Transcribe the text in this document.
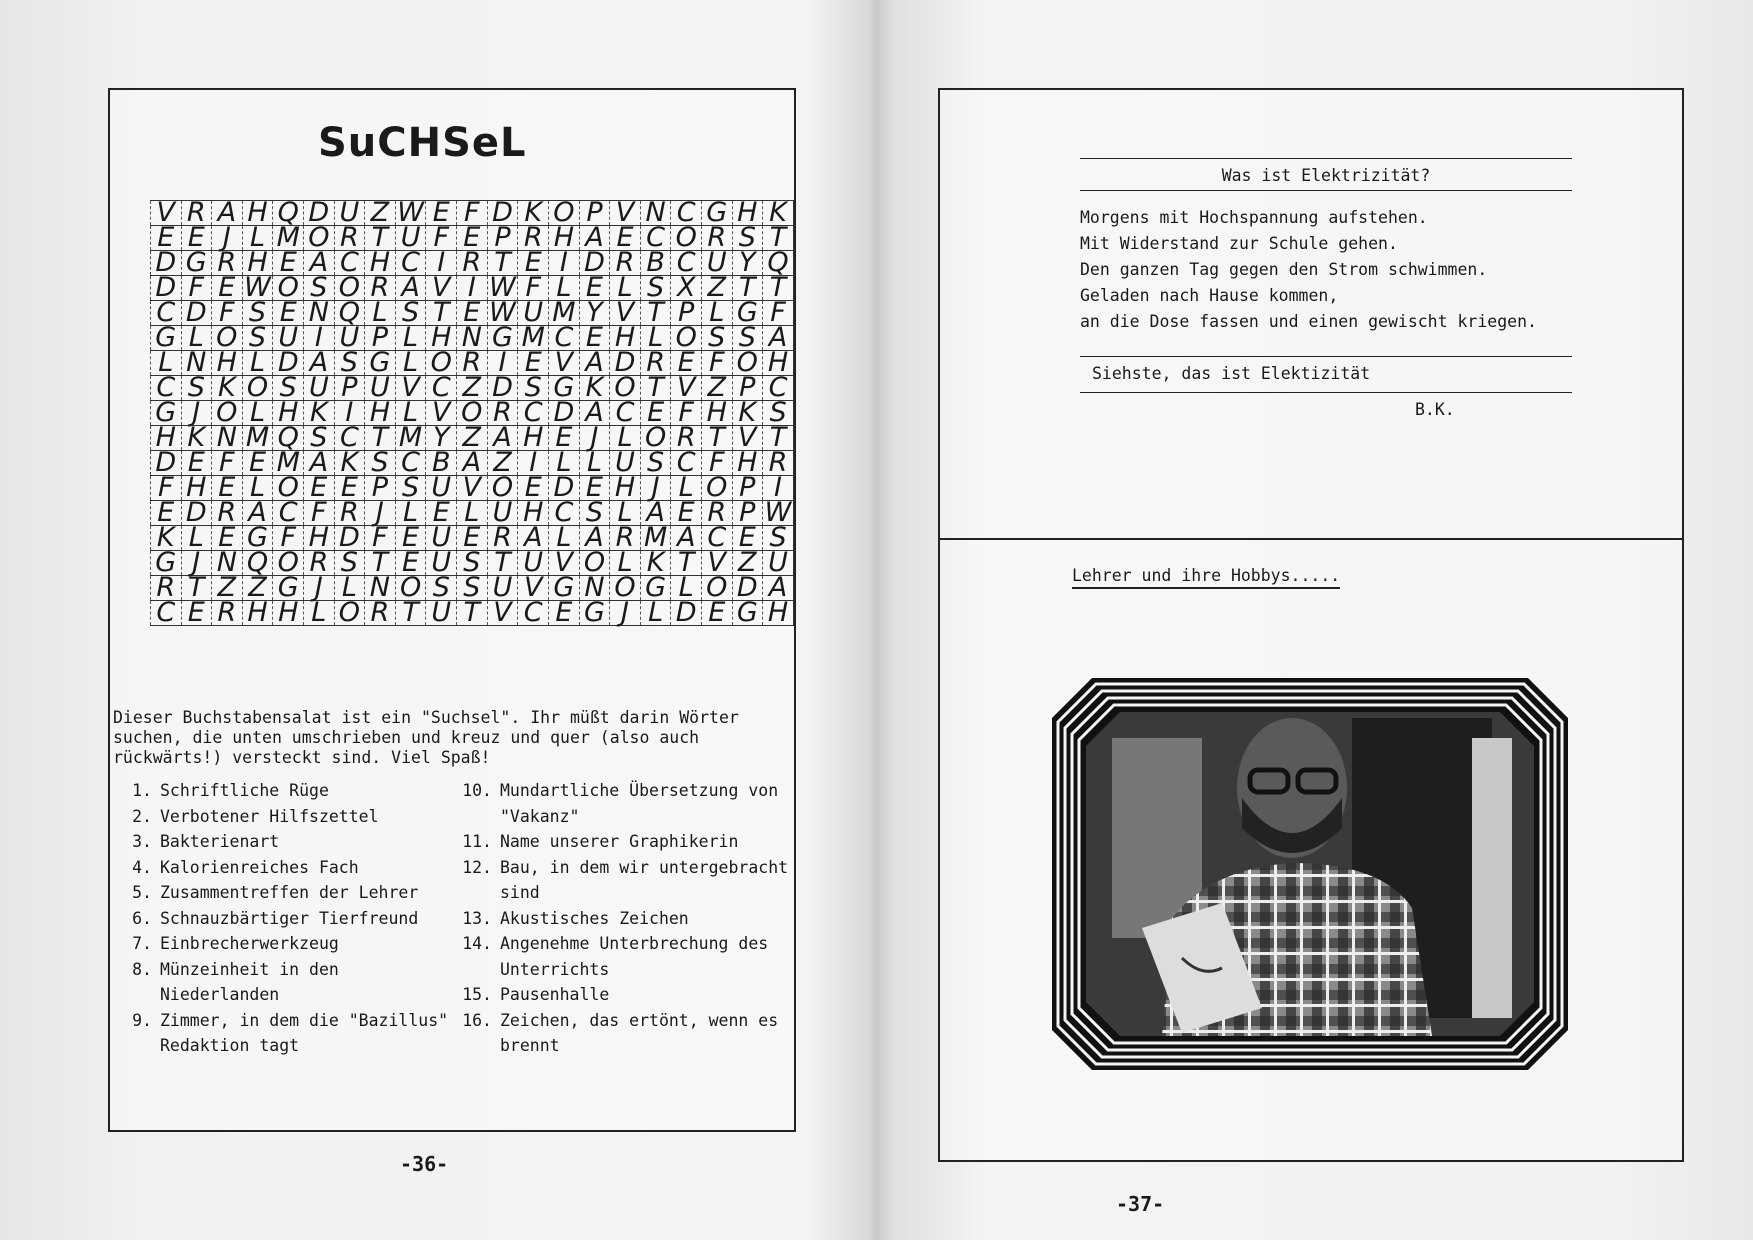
SuCHSeL
V	R	A	H	Q	D	U	Z	W	E	F	D	K	O	P	V	N	C	G	H	K
E	E	J	L	M	O	R	T	U	F	E	P	R	H	A	E	C	O	R	S	T
D	G	R	H	E	A	C	H	C	I	R	T	E	I	D	R	B	C	U	Y	Q
D	F	E	W	O	S	O	R	A	V	I	W	F	L	E	L	S	X	Z	T	T
C	D	F	S	E	N	Q	L	S	T	E	W	U	M	Y	V	T	P	L	G	F
G	L	O	S	U	I	U	P	L	H	N	G	M	C	E	H	L	O	S	S	A
L	N	H	L	D	A	S	G	L	O	R	I	E	V	A	D	R	E	F	O	H
C	S	K	O	S	U	P	U	V	C	Z	D	S	G	K	O	T	V	Z	P	C
G	J	O	L	H	K	I	H	L	V	O	R	C	D	A	C	E	F	H	K	S
H	K	N	M	Q	S	C	T	M	Y	Z	A	H	E	J	L	O	R	T	V	T
D	E	F	E	M	A	K	S	C	B	A	Z	I	L	L	U	S	C	F	H	R
F	H	E	L	O	E	E	P	S	U	V	O	E	D	E	H	J	L	O	P	I
E	D	R	A	C	F	R	J	L	E	L	U	H	C	S	L	A	E	R	P	W
K	L	E	G	F	H	D	F	E	U	E	R	A	L	A	R	M	A	C	E	S
G	J	N	Q	O	R	S	T	E	U	S	T	U	V	O	L	K	T	V	Z	U
R	T	Z	Z	G	J	L	N	O	S	S	U	V	G	N	O	G	L	O	D	A
C	E	R	H	H	L	O	R	T	U	T	V	C	E	G	J	L	D	E	G	H
Dieser Buchstabensalat ist ein "Suchsel". Ihr müßt darin Wörter suchen, die unten umschrieben und kreuz und quer (also auch rückwärts!) versteckt sind. Viel Spaß!
1. Schriftliche Rüge
2. Verbotener Hilfszettel
3. Bakterienart
4. Kalorienreiches Fach
5. Zusammentreffen der Lehrer
6. Schnauzbärtiger Tierfreund
7. Einbrecherwerkzeug
8. Münzeinheit in den Niederlanden
9. Zimmer, in dem die "Bazillus" Redaktion tagt
10. Mundartliche Übersetzung von "Vakanz"
11. Name unserer Graphikerin
12. Bau, in dem wir untergebracht sind
13. Akustisches Zeichen
14. Angenehme Unterbrechung des Unterrichts
15. Pausenhalle
16. Zeichen, das ertönt, wenn es brennt
-36-
Was ist Elektrizität?
Morgens mit Hochspannung aufstehen.
Mit Widerstand zur Schule gehen.
Den ganzen Tag gegen den Strom schwimmen.
Geladen nach Hause kommen,
an die Dose fassen und einen gewischt kriegen.
Siehste, das ist Elektizität
B.K.
Lehrer und ihre Hobbys.....
-37-
